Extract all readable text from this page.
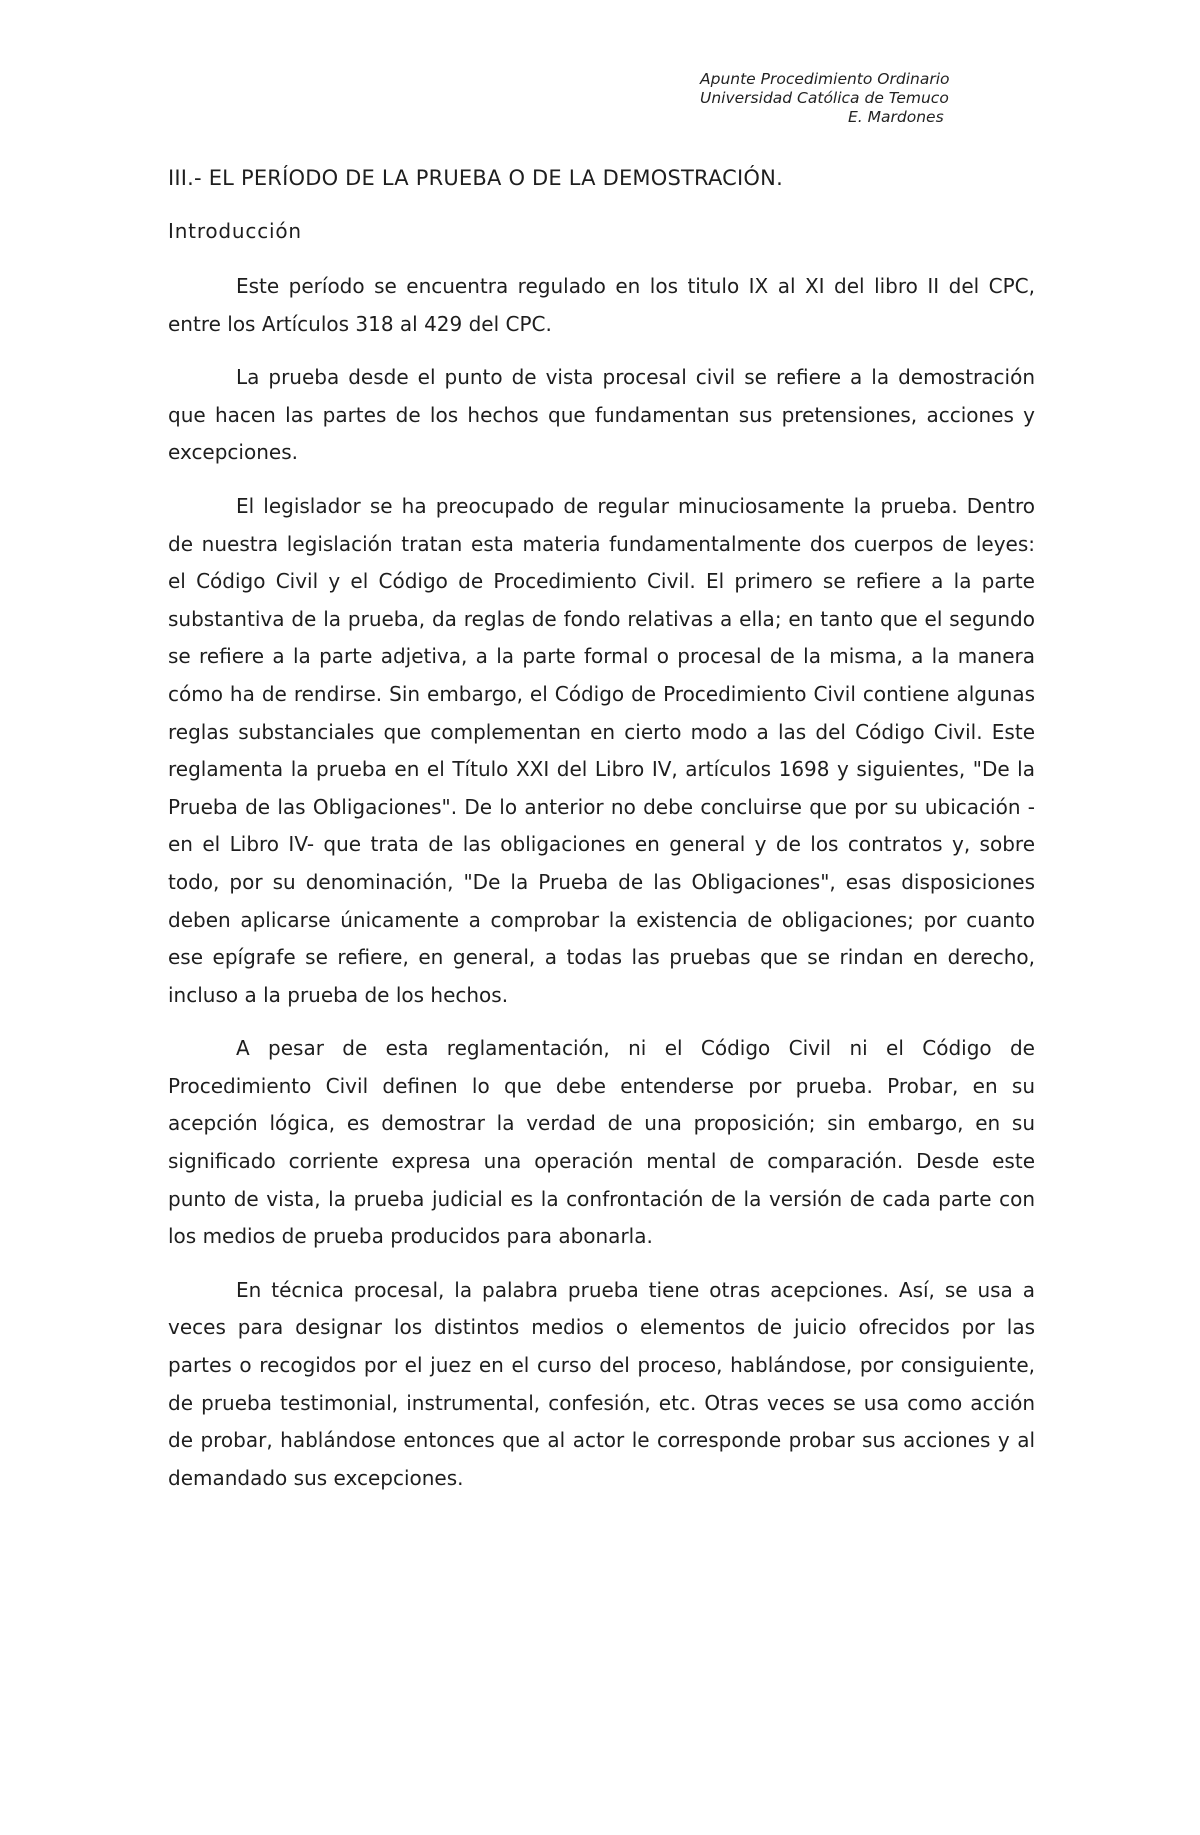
Apunte Procedimiento Ordinario
Universidad Católica de Temuco
E. Mardones
III.- EL PERÍODO DE LA PRUEBA O DE LA DEMOSTRACIÓN.
Introducción

Este período se encuentra regulado en los titulo IX al XI del libro II del CPC, entre los Artículos 318 al 429 del CPC.

La prueba desde el punto de vista procesal civil se refiere a la demostración que hacen las partes de los hechos que fundamentan sus pretensiones, acciones y excepciones.

El legislador se ha preocupado de regular minuciosamente la prueba. Dentro de nuestra legislación tratan esta materia fundamentalmente dos cuerpos de leyes: el Código Civil y el Código de Procedimiento Civil. El primero se refiere a la parte substantiva de la prueba, da reglas de fondo relativas a ella; en tanto que el segundo se refiere a la parte adjetiva, a la parte formal o procesal de la misma, a la manera cómo ha de rendirse. Sin embargo, el Código de Procedimiento Civil contiene algunas reglas substanciales que complementan en cierto modo a las del Código Civil. Este reglamenta la prueba en el Título XXI del Libro IV, artículos 1698 y siguientes, "De la Prueba de las Obligaciones". De lo anterior no debe concluirse que por su ubicación -en el Libro IV- que trata de las obligaciones en general y de los contratos y, sobre todo, por su denominación, "De la Prueba de las Obligaciones", esas disposiciones deben aplicarse únicamente a comprobar la existencia de obligaciones; por cuanto ese epígrafe se refiere, en general, a todas las pruebas que se rindan en derecho, incluso a la prueba de los hechos.

A pesar de esta reglamentación, ni el Código Civil ni el Código de Procedimiento Civil definen lo que debe entenderse por prueba. Probar, en su acepción lógica, es demostrar la verdad de una proposición; sin embargo, en su significado corriente expresa una operación mental de comparación. Desde este punto de vista, la prueba judicial es la confrontación de la versión de cada parte con los medios de prueba producidos para abonarla.

En técnica procesal, la palabra prueba tiene otras acepciones. Así, se usa a veces para designar los distintos medios o elementos de juicio ofrecidos por las partes o recogidos por el juez en el curso del proceso, hablándose, por consiguiente, de prueba testimonial, instrumental, confesión, etc. Otras veces se usa como acción de probar, hablándose entonces que al actor le corresponde probar sus acciones y al demandado sus excepciones.
